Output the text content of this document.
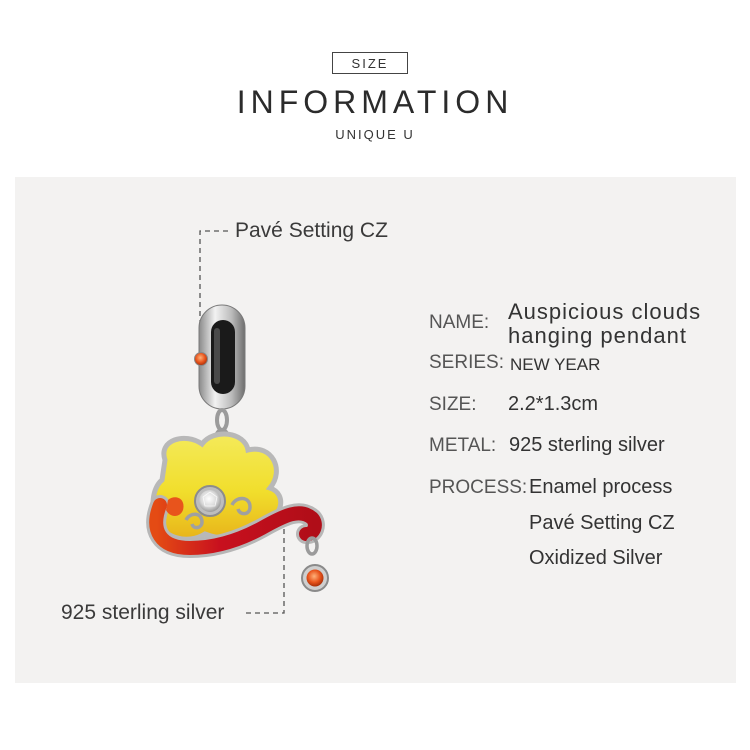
SIZE
INFORMATION
UNIQUE U
Pavé Setting CZ
925 sterling silver
NAME: Auspicious clouds
hanging pendant
SERIES: NEW YEAR
SIZE: 2.2*1.3cm
METAL: 925 sterling silver
PROCESS: Enamel process
Pavé Setting CZ
Oxidized Silver
